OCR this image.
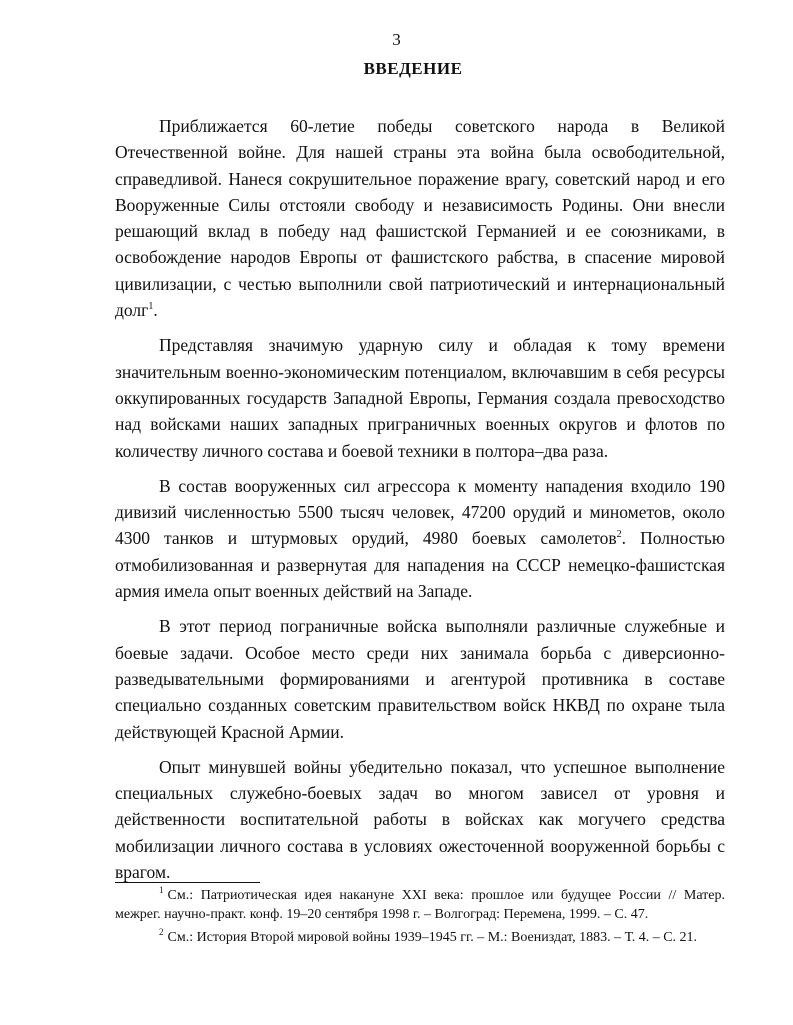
3
ВВЕДЕНИЕ

Приближается 60-летие победы советского народа в Великой Отечественной войне. Для нашей страны эта война была освободительной, справедливой. Нанеся сокрушительное поражение врагу, советский народ и его Вооруженные Силы отстояли свободу и независимость Родины. Они внесли решающий вклад в победу над фашистской Германией и ее союзниками, в освобождение народов Европы от фашистского рабства, в спасение мировой цивилизации, с честью выполнили свой патриотический и интернациональный долг$^1$.

Представляя значимую ударную силу и обладая к тому времени значительным военно-экономическим потенциалом, включавшим в себя ресурсы оккупированных государств Западной Европы, Германия создала превосходство над войсками наших западных приграничных военных округов и флотов по количеству личного состава и боевой техники в полтора–два раза.

В состав вооруженных сил агрессора к моменту нападения входило 190 дивизий численностью 5500 тысяч человек, 47200 орудий и минометов, около 4300 танков и штурмовых орудий, 4980 боевых самолетов$^2$. Полностью отмобилизованная и развернутая для нападения на СССР немецко-фашистская армия имела опыт военных действий на Западе.

В этот период пограничные войска выполняли различные служебные и боевые задачи. Особое место среди них занимала борьба с диверсионно-разведывательными формированиями и агентурой противника в составе специально созданных советским правительством войск НКВД по охране тыла действующей Красной Армии.

Опыт минувшей войны убедительно показал, что успешное выполнение специальных служебно-боевых задач во многом зависел от уровня и действенности воспитательной работы в войсках как могучего средства мобилизации личного состава в условиях ожесточенной вооруженной борьбы с врагом.

$^1$ См.: Патриотическая идея накануне XXI века: прошлое или будущее России // Матер. межрег. научно-практ. конф. 19–20 сентября 1998 г. – Волгоград: Перемена, 1999. – С. 47.

$^2$ См.: История Второй мировой войны 1939–1945 гг. – М.: Воениздат, 1883. – Т. 4. – С. 21.
